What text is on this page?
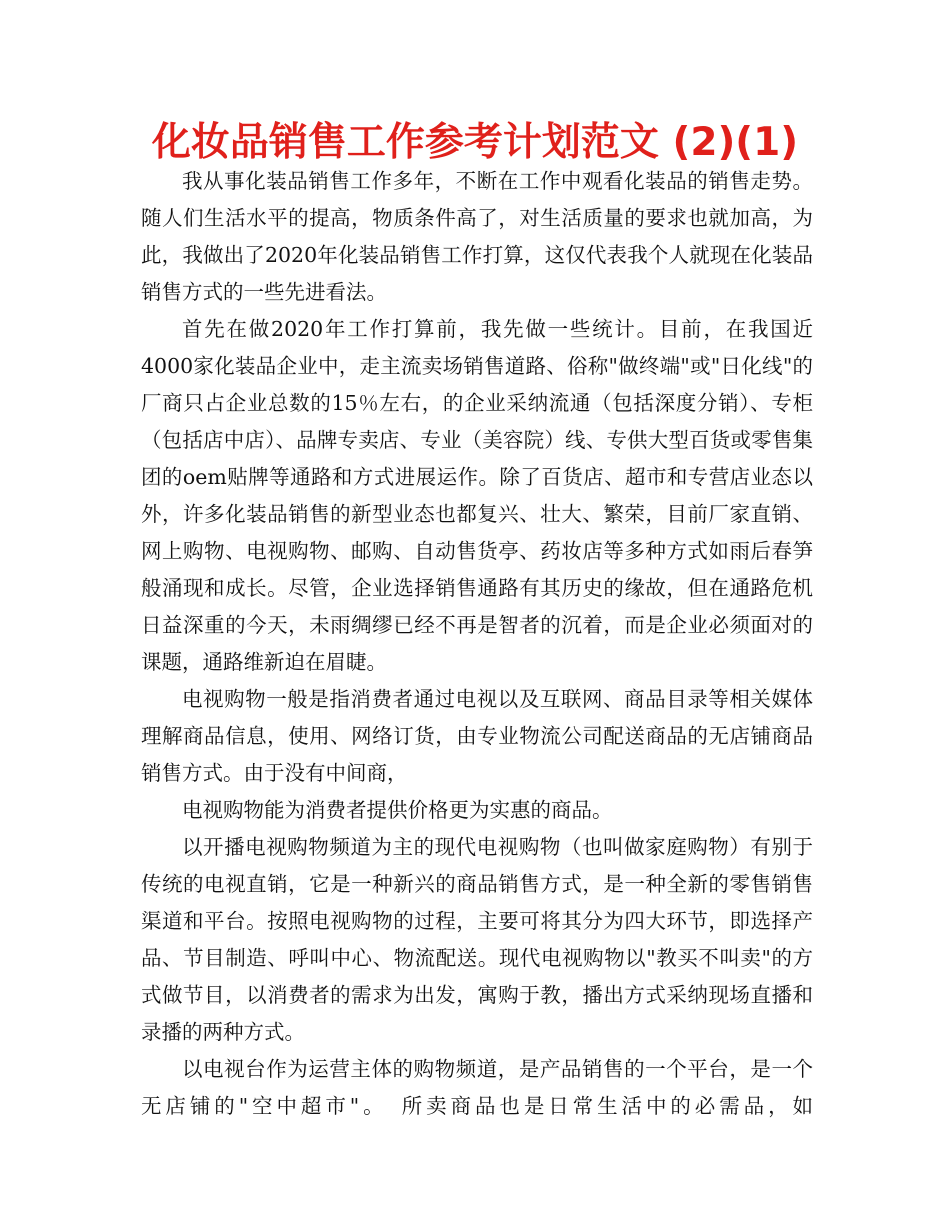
化妆品销售工作参考计划范文 (2)(1)

我从事化装品销售工作多年，不断在工作中观看化装品的销售走势。随人们生活水平的提高，物质条件高了，对生活质量的要求也就加高，为此，我做出了2020年化装品销售工作打算，这仅代表我个人就现在化装品销售方式的一些先进看法。

首先在做2020年工作打算前，我先做一些统计。目前，在我国近4000家化装品企业中，走主流卖场销售道路、俗称"做终端"或"日化线"的厂商只占企业总数的15％左右，的企业采纳流通（包括深度分销）、专柜（包括店中店）、品牌专卖店、专业（美容院）线、专供大型百货或零售集团的oem贴牌等通路和方式进展运作。除了百货店、超市和专营店业态以外，许多化装品销售的新型业态也都复兴、壮大、繁荣，目前厂家直销、网上购物、电视购物、邮购、自动售货亭、药妆店等多种方式如雨后春笋般涌现和成长。尽管，企业选择销售通路有其历史的缘故，但在通路危机日益深重的今天，未雨绸缪已经不再是智者的沉着，而是企业必须面对的课题，通路维新迫在眉睫。

电视购物一般是指消费者通过电视以及互联网、商品目录等相关媒体理解商品信息，使用、网络订货，由专业物流公司配送商品的无店铺商品销售方式。由于没有中间商，

电视购物能为消费者提供价格更为实惠的商品。

以开播电视购物频道为主的现代电视购物（也叫做家庭购物）有别于传统的电视直销，它是一种新兴的商品销售方式，是一种全新的零售销售渠道和平台。按照电视购物的过程，主要可将其分为四大环节，即选择产品、节目制造、呼叫中心、物流配送。现代电视购物以"教买不叫卖"的方式做节目，以消费者的需求为出发，寓购于教，播出方式采纳现场直播和录播的两种方式。

以电视台作为运营主体的购物频道，是产品销售的一个平台，是一个无店铺的"空中超市"。　所卖商品也是日常生活中的必需品，如
